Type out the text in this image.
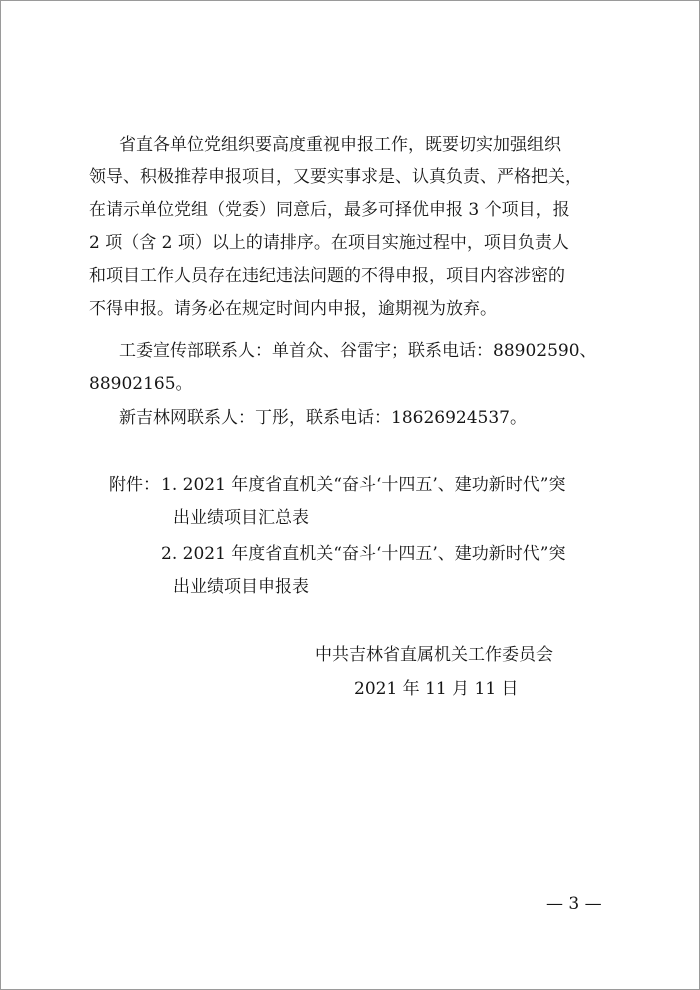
省直各单位党组织要高度重视申报工作，既要切实加强组织
领导、积极推荐申报项目，又要实事求是、认真负责、严格把关，
在请示单位党组（党委）同意后，最多可择优申报 3 个项目，报
2 项（含 2 项）以上的请排序。在项目实施过程中，项目负责人
和项目工作人员存在违纪违法问题的不得申报，项目内容涉密的
不得申报。请务必在规定时间内申报，逾期视为放弃。
工委宣传部联系人：单首众、谷雷宇；联系电话：88902590、
88902165。
新吉林网联系人：丁彤，联系电话：18626924537。
附件： 1. 2021 年度省直机关“奋斗‘十四五’、建功新时代”突
出业绩项目汇总表
2. 2021 年度省直机关“奋斗‘十四五’、建功新时代”突
出业绩项目申报表
中共吉林省直属机关工作委员会
2021 年 11 月 11 日
— 3 —
